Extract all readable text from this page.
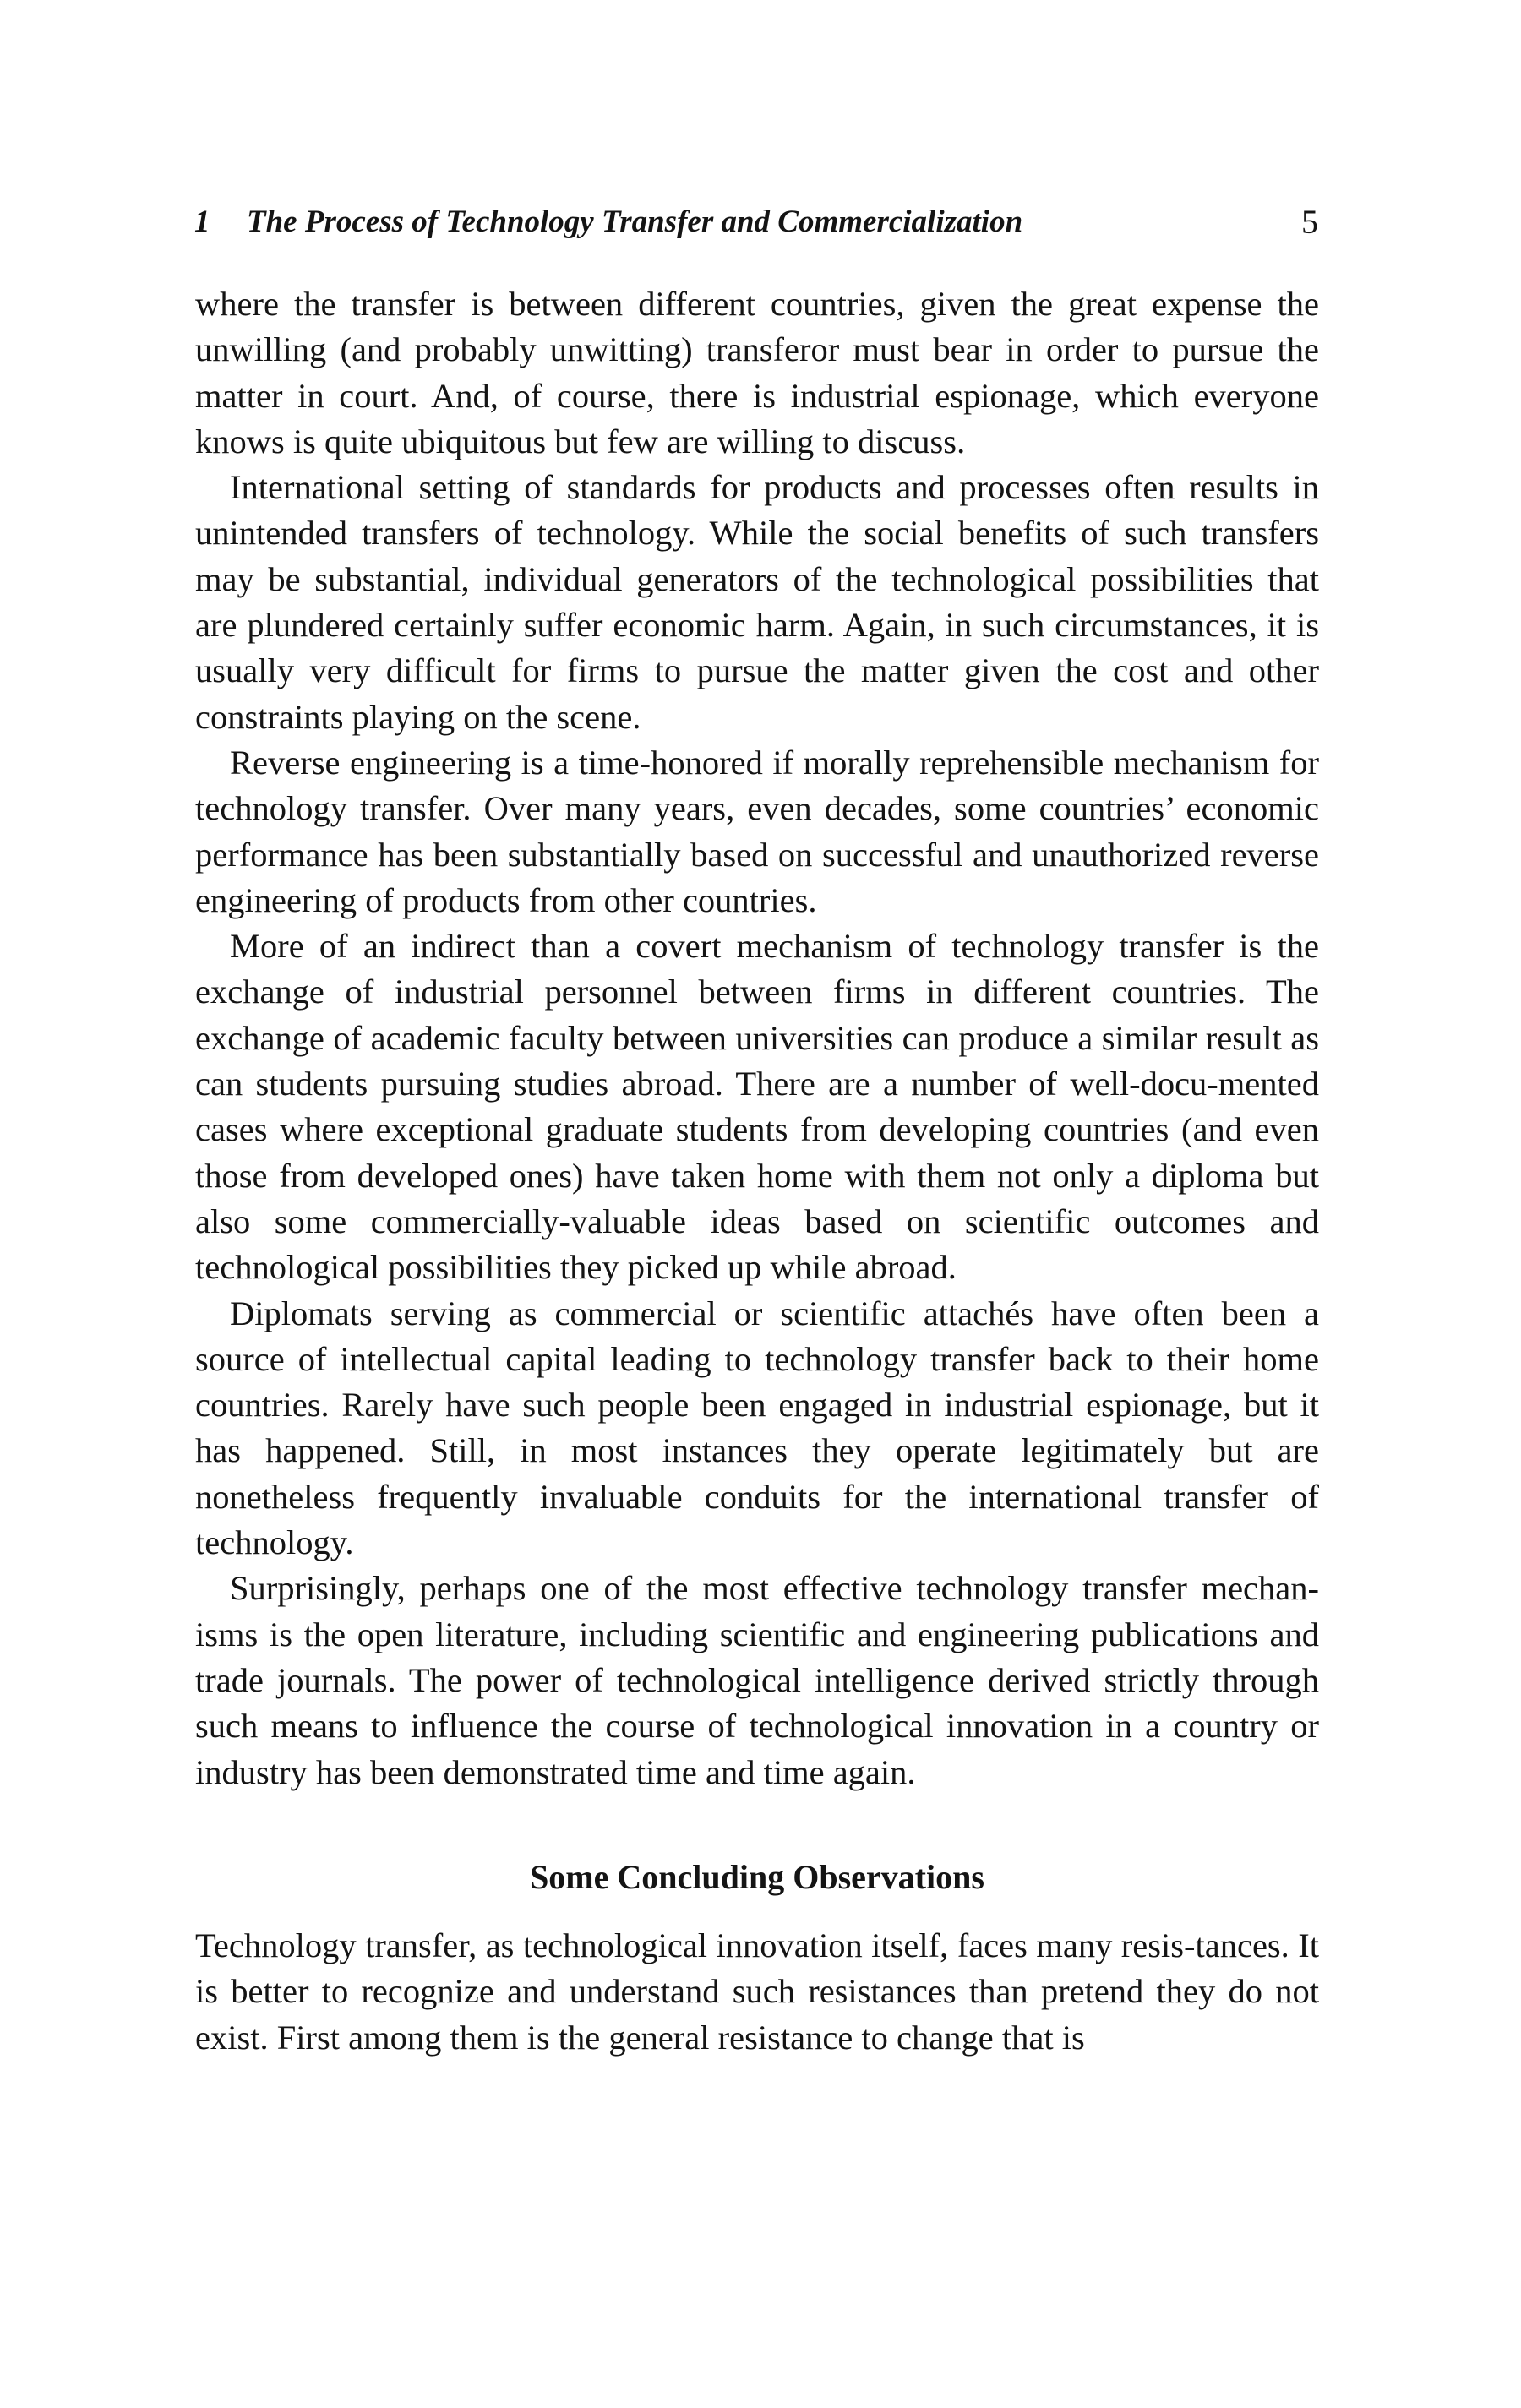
1 The Process of Technology Transfer and Commercialization	5

where the transfer is between different countries, given the great expense the unwilling (and probably unwitting) transferor must bear in order to pursue the matter in court. And, of course, there is industrial espionage, which everyone knows is quite ubiquitous but few are willing to discuss.

International setting of standards for products and processes often results in unintended transfers of technology. While the social benefits of such transfers may be substantial, individual generators of the technological possibilities that are plundered certainly suffer economic harm. Again, in such circumstances, it is usually very difficult for firms to pursue the matter given the cost and other constraints playing on the scene.

Reverse engineering is a time-honored if morally reprehensible mechanism for technology transfer. Over many years, even decades, some countries’ economic performance has been substantially based on successful and unauthorized reverse engineering of products from other countries.

More of an indirect than a covert mechanism of technology transfer is the exchange of industrial personnel between firms in different countries. The exchange of academic faculty between universities can produce a similar result as can students pursuing studies abroad. There are a number of well-docu-mented cases where exceptional graduate students from developing countries (and even those from developed ones) have taken home with them not only a diploma but also some commercially-valuable ideas based on scientific outcomes and technological possibilities they picked up while abroad.

Diplomats serving as commercial or scientific attachés have often been a source of intellectual capital leading to technology transfer back to their home countries. Rarely have such people been engaged in industrial espionage, but it has happened. Still, in most instances they operate legitimately but are nonetheless frequently invaluable conduits for the international transfer of technology.

Surprisingly, perhaps one of the most effective technology transfer mechan-isms is the open literature, including scientific and engineering publications and trade journals. The power of technological intelligence derived strictly through such means to influence the course of technological innovation in a country or industry has been demonstrated time and time again.

Some Concluding Observations

Technology transfer, as technological innovation itself, faces many resis-tances. It is better to recognize and understand such resistances than pretend they do not exist. First among them is the general resistance to change that is
